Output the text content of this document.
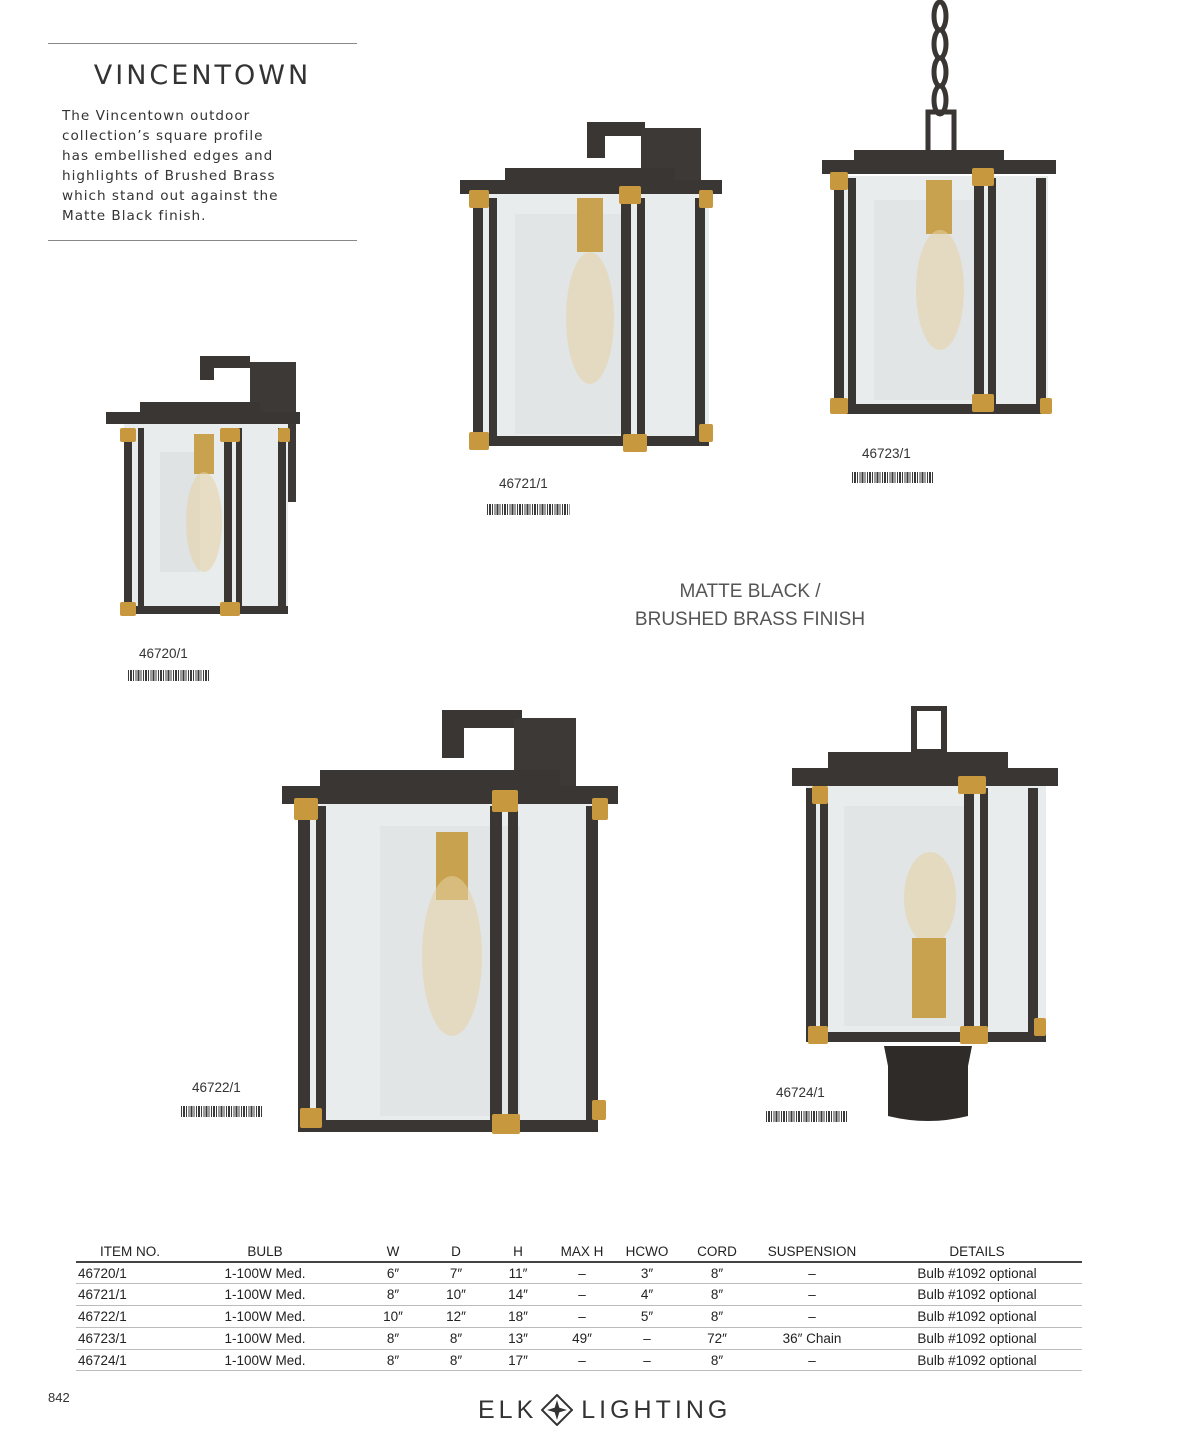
VINCENTOWN
The Vincentown outdoor
collection’s square profile
has embellished edges and
highlights of Brushed Brass
which stand out against the
Matte Black finish.
46720/1
46721/1
46723/1
MATTE BLACK /
BRUSHED BRASS FINISH
46722/1	46724/1
ITEM NO.	BULB	W	D	H	MAX H	HCWO	CORD	SUSPENSION	DETAILS
46720/1	1-100W Med.	6″	7″	11″	–	3″	8″	–	Bulb #1092 optional
46721/1	1-100W Med.	8″	10″	14″	–	4″	8″	–	Bulb #1092 optional
46722/1	1-100W Med.	10″	12″	18″	–	5″	8″	–	Bulb #1092 optional
46723/1	1-100W Med.	8″	8″	13″	49″	–	72″	36″ Chain	Bulb #1092 optional
46724/1	1-100W Med.	8″	8″	17″	–	–	8″	–	Bulb #1092 optional
842	ELK LIGHTING
